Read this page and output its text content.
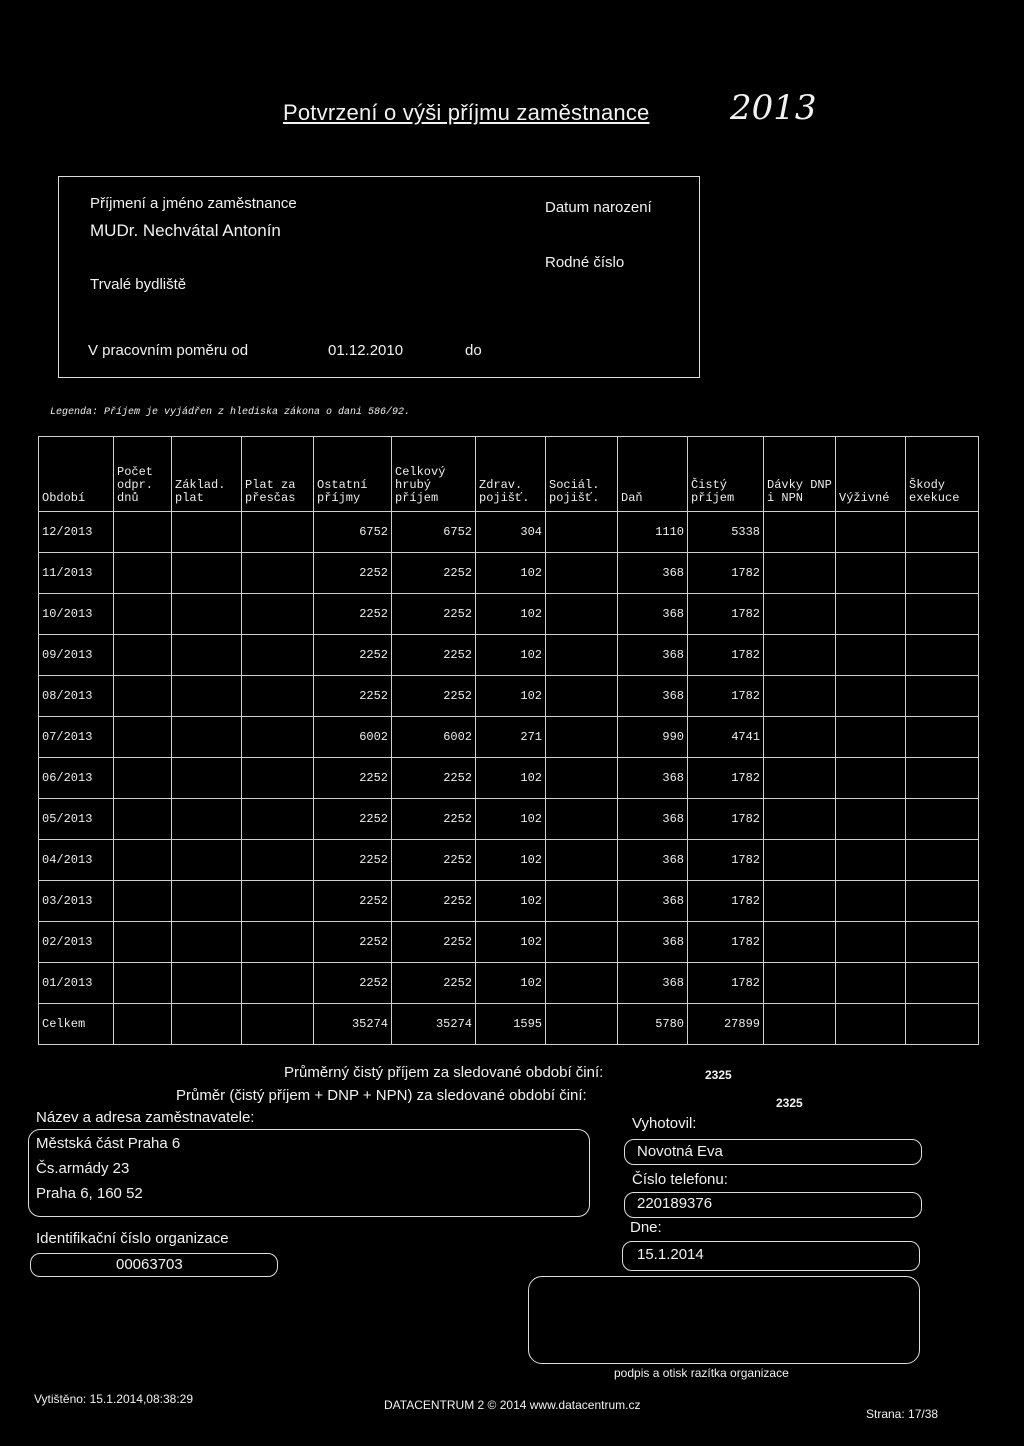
Potvrzení o výši příjmu zaměstnance 2013
Příjmení a jméno zaměstnance
MUDr. Nechvátal Antonín
Trvalé bydliště
Datum narození
Rodné číslo
V pracovním poměru od	01.12.2010	do
Legenda: Příjem je vyjádřen z hlediska zákona o dani 586/92.
Období	Počet odpr. dnů	Základ. plat	Plat za přesčas	Ostatní příjmy	Celkový hrubý příjem	Zdrav. pojišť.	Sociál. pojišť.	Daň	Čistý příjem	Dávky DNP i NPN	Výživné	Škody exekuce
12/2013				6752	6752	304		1110	5338			
11/2013				2252	2252	102		368	1782			
10/2013				2252	2252	102		368	1782			
09/2013				2252	2252	102		368	1782			
08/2013				2252	2252	102		368	1782			
07/2013				6002	6002	271		990	4741			
06/2013				2252	2252	102		368	1782			
05/2013				2252	2252	102		368	1782			
04/2013				2252	2252	102		368	1782			
03/2013				2252	2252	102		368	1782			
02/2013				2252	2252	102		368	1782			
01/2013				2252	2252	102		368	1782			
Celkem				35274	35274	1595		5780	27899			
Průměrný čistý příjem za sledované období činí:	2325
Průměr (čistý příjem + DNP + NPN) za sledované období činí:	2325
Název a adresa zaměstnavatele:
Městská část Praha 6
Čs.armády 23
Praha 6, 160 52
Identifikační číslo organizace
00063703
Vyhotovil:
Novotná Eva
Číslo telefonu:
220189376
Dne:
15.1.2014
podpis a otisk razítka organizace
Vytištěno: 15.1.2014,08:38:29	DATACENTRUM 2 © 2014 www.datacentrum.cz
Strana: 17/38
